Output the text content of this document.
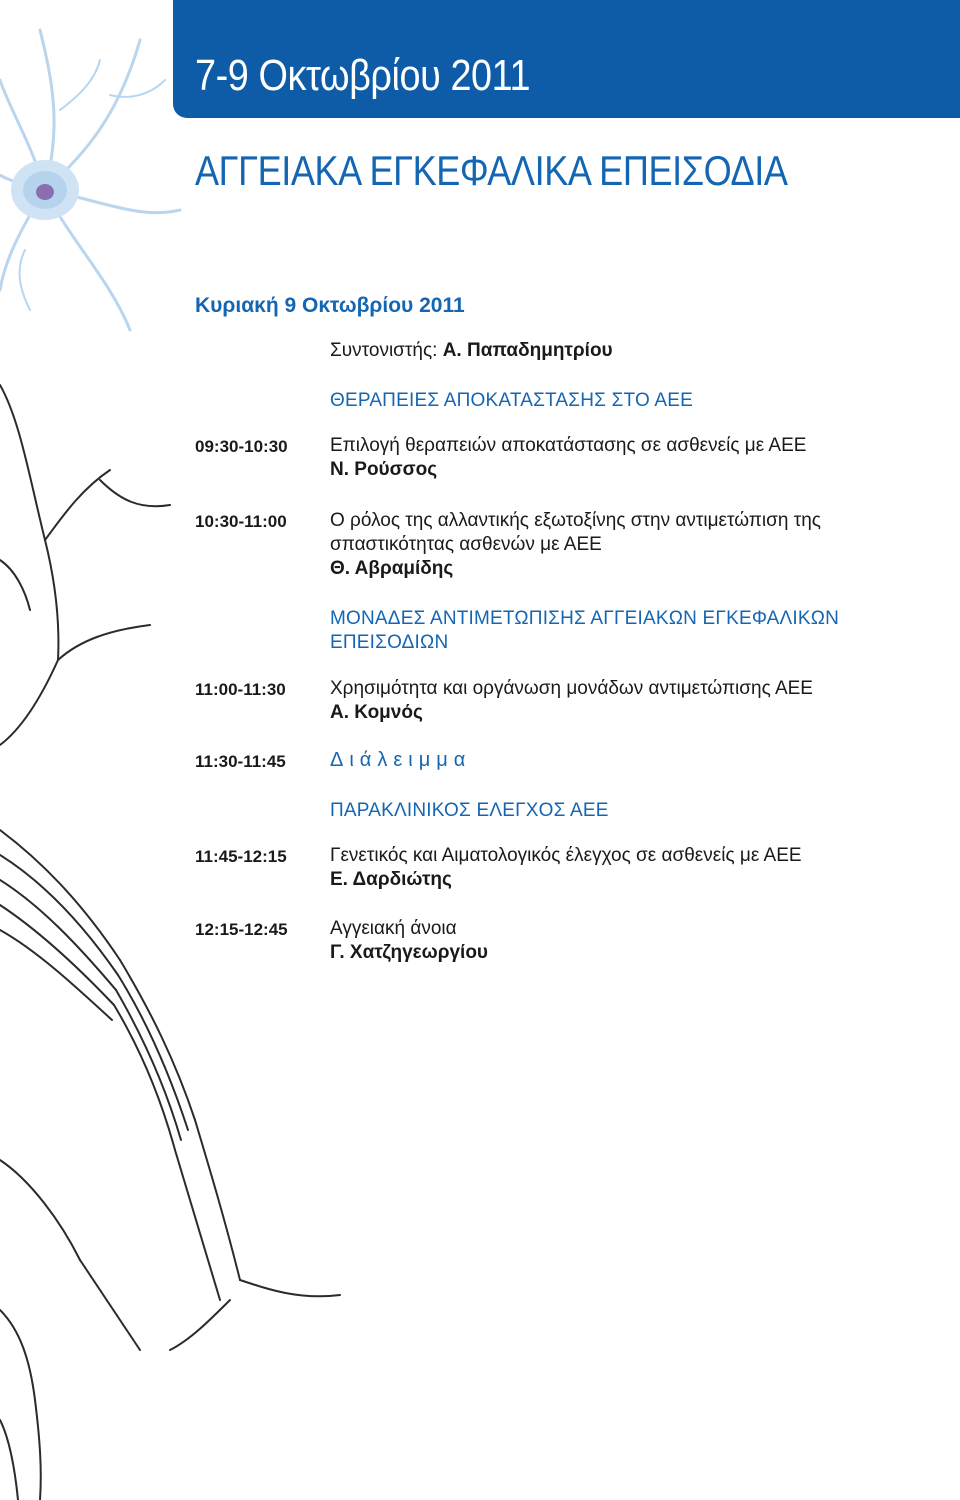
7-9 Οκτωβρίου 2011
ΑΓΓΕΙΑΚΑ ΕΓΚΕΦΑΛΙΚΑ ΕΠΕΙΣΟΔΙΑ
Κυριακή 9 Οκτωβρίου 2011
Συντονιστής: Α. Παπαδημητρίου
ΘΕΡΑΠΕΙΕΣ ΑΠΟΚΑΤΑΣΤΑΣΗΣ ΣΤΟ ΑΕΕ
09:30-10:30 Επιλογή θεραπειών αποκατάστασης σε ασθενείς με ΑΕΕ
Ν. Ρούσσος
10:30-11:00 Ο ρόλος της αλλαντικής εξωτοξίνης στην αντιμετώπιση της σπαστικότητας ασθενών με ΑΕΕ
Θ. Αβραμίδης
ΜΟΝΑΔΕΣ ΑΝΤΙΜΕΤΩΠΙΣΗΣ ΑΓΓΕΙΑΚΩΝ ΕΓΚΕΦΑΛΙΚΩΝ ΕΠΕΙΣΟΔΙΩΝ
11:00-11:30 Χρησιμότητα και οργάνωση μονάδων αντιμετώπισης ΑΕΕ
Α. Κομνός
11:30-11:45 Διάλειμμα
ΠΑΡΑΚΛΙΝΙΚΟΣ ΕΛΕΓΧΟΣ ΑΕΕ
11:45-12:15 Γενετικός και Αιματολογικός έλεγχος σε ασθενείς με ΑΕΕ
Ε. Δαρδιώτης
12:15-12:45 Αγγειακή άνοια
Γ. Χατζηγεωργίου
